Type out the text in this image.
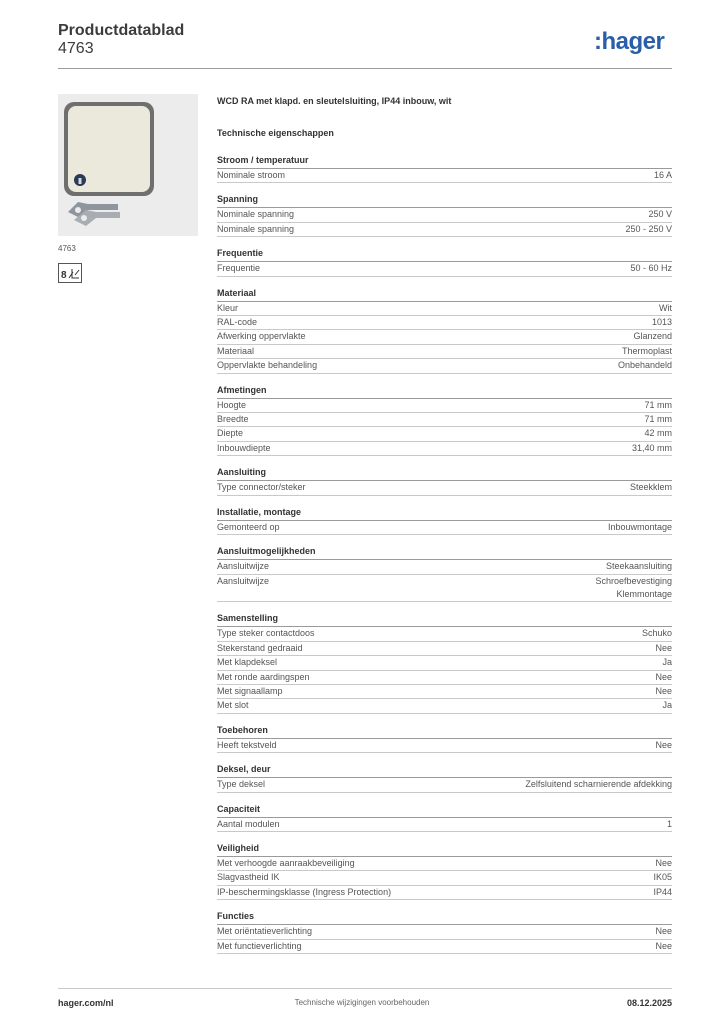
Productdatablad
4763	:hager
4763
8
WCD RA met klapd. en sleutelsluiting, IP44 inbouw, wit
Technische eigenschappen
Stroom / temperatuur
Nominale stroom	16 A
Spanning
Nominale spanning	250 V
Nominale spanning	250 - 250 V
Frequentie
Frequentie	50 - 60 Hz
Materiaal
Kleur	Wit
RAL-code	1013
Afwerking oppervlakte	Glanzend
Materiaal	Thermoplast
Oppervlakte behandeling	Onbehandeld
Afmetingen
Hoogte	71 mm
Breedte	71 mm
Diepte	42 mm
Inbouwdiepte	31,40 mm
Aansluiting
Type connector/steker	Steekklem
Installatie, montage
Gemonteerd op	Inbouwmontage
Aansluitmogelijkheden
Aansluitwijze	Steekaansluiting
Aansluitwijze	Schroefbevestiging
Klemmontage
Samenstelling
Type steker contactdoos	Schuko
Stekerstand gedraaid	Nee
Met klapdeksel	Ja
Met ronde aardingspen	Nee
Met signaallamp	Nee
Met slot	Ja
Toebehoren
Heeft tekstveld	Nee
Deksel, deur
Type deksel	Zelfsluitend scharnierende afdekking
Capaciteit
Aantal modulen	1
Veiligheid
Met verhoogde aanraakbeveiliging	Nee
Slagvastheid IK	IK05
IP-beschermingsklasse (Ingress Protection)	IP44
Functies
Met oriëntatieverlichting	Nee
Met functieverlichting	Nee
hager.com/nl	Technische wijzigingen voorbehouden	08.12.2025
